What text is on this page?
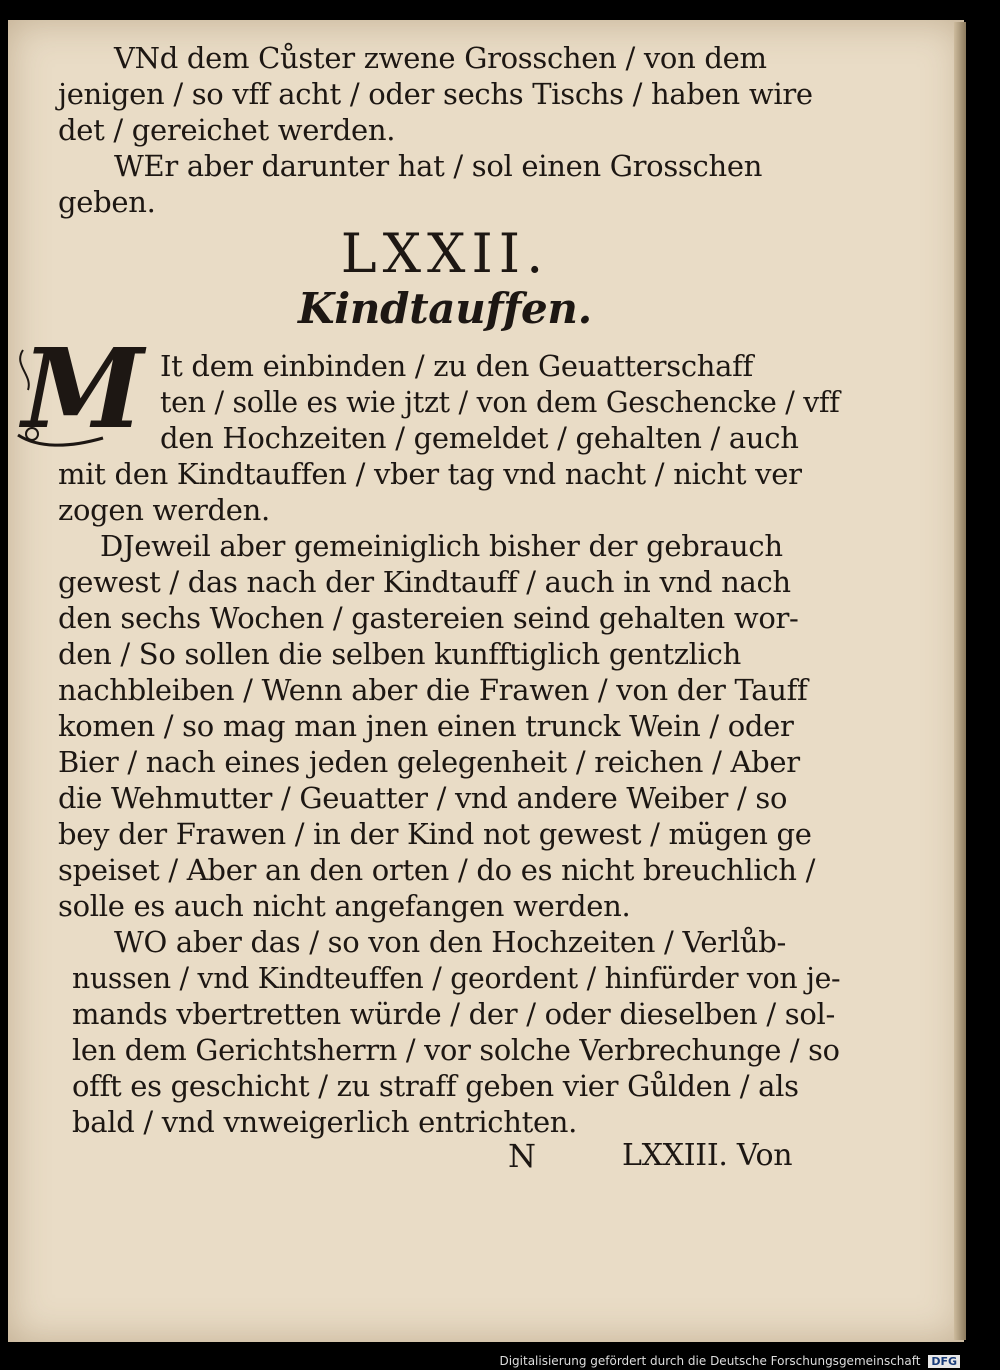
VNd dem Cůster zwene Grosschen / von dem
jenigen / so vff acht / oder sechs Tischs / haben wire
det / gereichet werden.
WEr aber darunter hat / sol einen Grosschen
geben.
LXXII.
Kindtauffen.
It dem einbinden / zu den Geuatterschaff
ten / solle es wie jtzt / von dem Geschencke / vff
den Hochzeiten / gemeldet / gehalten / auch
mit den Kindtauffen / vber tag vnd nacht / nicht ver
zogen werden.
DJeweil aber gemeiniglich bisher der gebrauch
gewest / das nach der Kindtauff / auch in vnd nach
den sechs Wochen / gastereien seind gehalten wor-
den / So sollen die selben kunfftiglich gentzlich
nachbleiben / Wenn aber die Frawen / von der Tauff
komen / so mag man jnen einen trunck Wein / oder
Bier / nach eines jeden gelegenheit / reichen / Aber
die Wehmutter / Geuatter / vnd andere Weiber / so
bey der Frawen / in der Kind not gewest / mügen ge
speiset / Aber an den orten / do es nicht breuchlich /
solle es auch nicht angefangen werden.
WO aber das / so von den Hochzeiten / Verlůb-
nussen / vnd Kindteuffen / geordent / hinfürder von je-
mands vbertretten würde / der / oder dieselben / sol-
len dem Gerichtsherrn / vor solche Verbrechunge / so
offt es geschicht / zu straff geben vier Gůlden / als
bald / vnd vnweigerlich entrichten.
N	LXXIII. Von
M
Digitalisierung gefördert durch die Deutsche Forschungsgemeinschaft DFG
